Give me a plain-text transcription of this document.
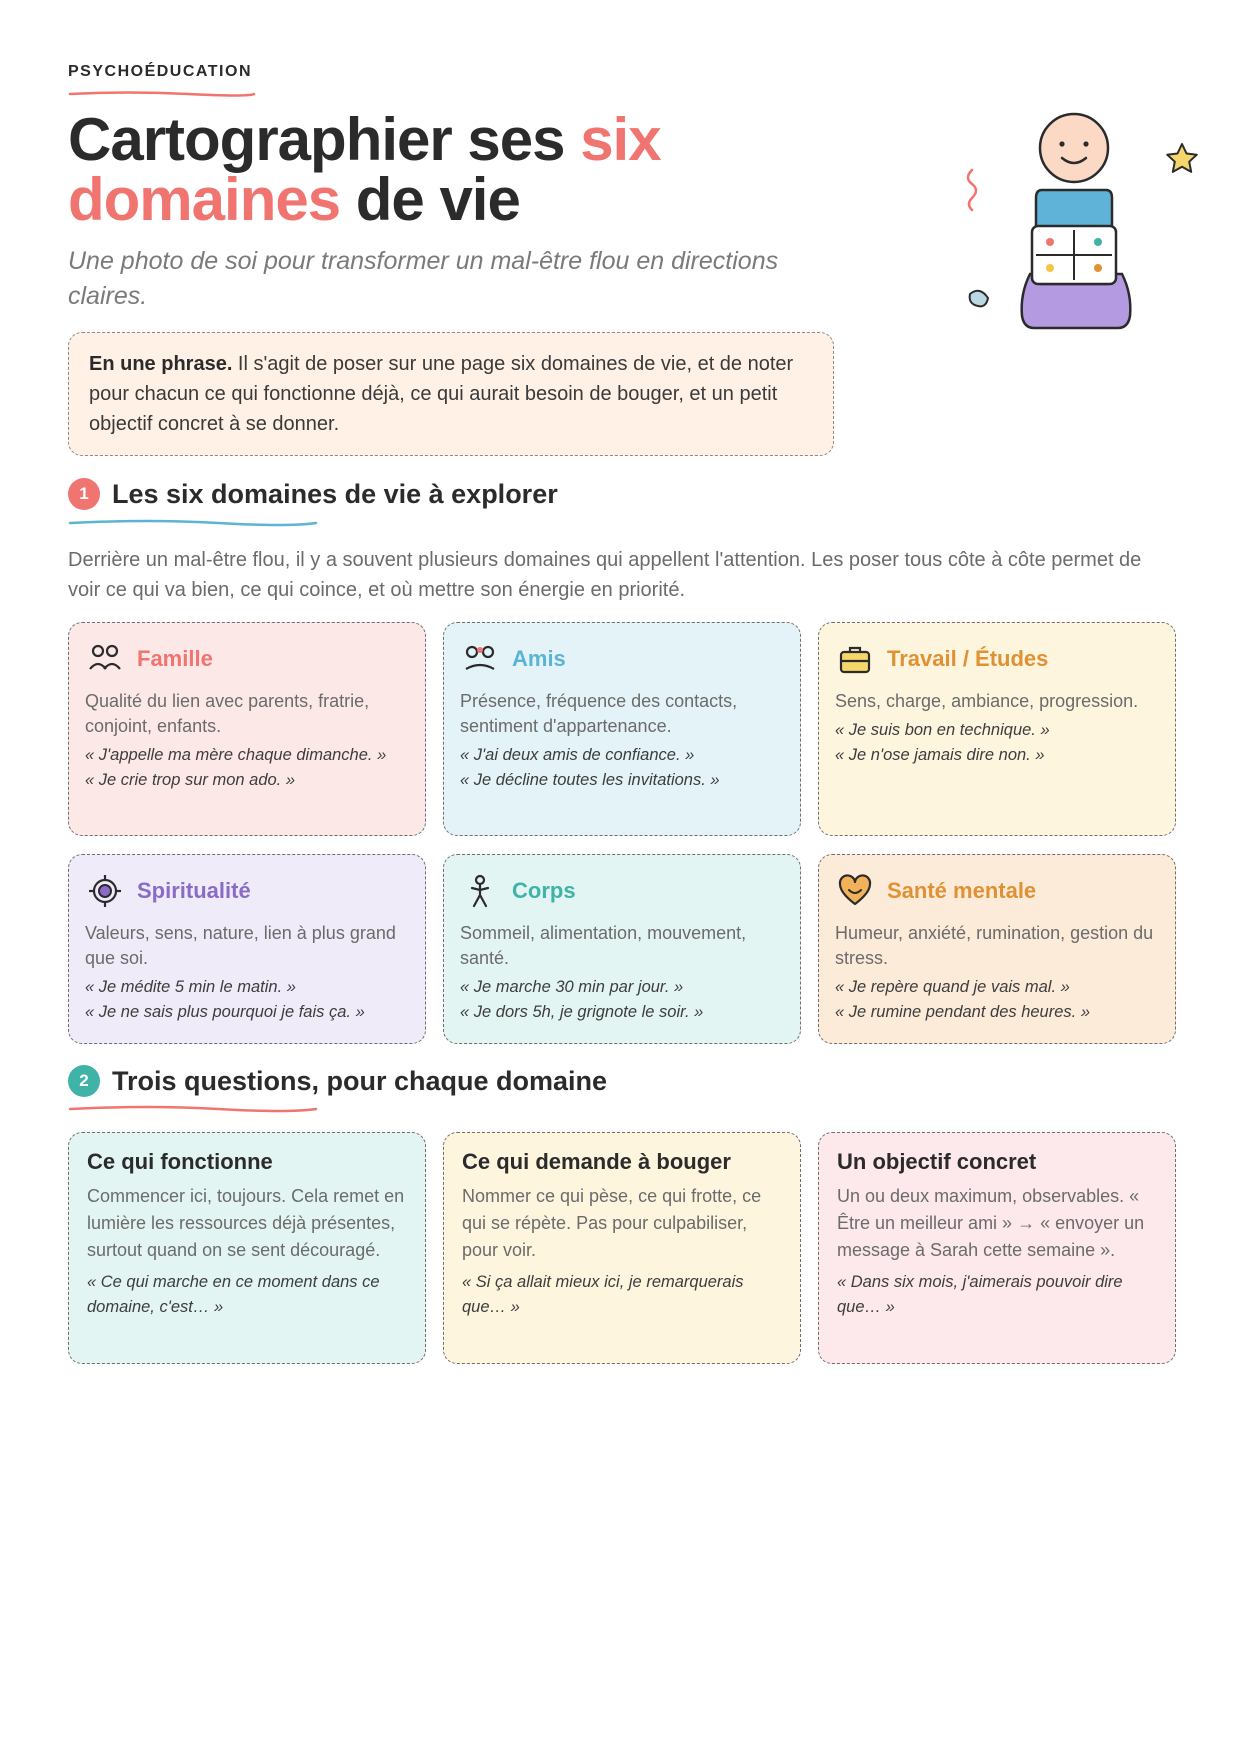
PSYCHOÉDUCATION
Cartographier ses six
domaines de vie
Une photo de soi pour transformer un mal-être flou en directions claires.
En une phrase. Il s'agit de poser sur une page six domaines de vie, et de noter pour chacun ce qui fonctionne déjà, ce qui aurait besoin de bouger, et un petit objectif concret à se donner.
1 Les six domaines de vie à explorer

Derrière un mal-être flou, il y a souvent plusieurs domaines qui appellent l'attention. Les poser tous côte à côte permet de voir ce qui va bien, ce qui coince, et où mettre son énergie en priorité.

Famille
Qualité du lien avec parents, fratrie, conjoint, enfants.
« J'appelle ma mère chaque dimanche. »
« Je crie trop sur mon ado. »
Amis
Présence, fréquence des contacts, sentiment d'appartenance.
« J'ai deux amis de confiance. »
« Je décline toutes les invitations. »
Travail / Études
Sens, charge, ambiance, progression.
« Je suis bon en technique. »
« Je n'ose jamais dire non. »
Spiritualité
Valeurs, sens, nature, lien à plus grand que soi.
« Je médite 5 min le matin. »
« Je ne sais plus pourquoi je fais ça. »
Corps
Sommeil, alimentation, mouvement, santé.
« Je marche 30 min par jour. »
« Je dors 5h, je grignote le soir. »
Santé mentale
Humeur, anxiété, rumination, gestion du stress.
« Je repère quand je vais mal. »
« Je rumine pendant des heures. »
2 Trois questions, pour chaque domaine
Ce qui fonctionne
Commencer ici, toujours. Cela remet en lumière les ressources déjà présentes, surtout quand on se sent découragé.
« Ce qui marche en ce moment dans ce domaine, c'est… »
Ce qui demande à bouger
Nommer ce qui pèse, ce qui frotte, ce qui se répète. Pas pour culpabiliser, pour voir.
« Si ça allait mieux ici, je remarquerais que… »
Un objectif concret
Un ou deux maximum, observables. « Être un meilleur ami » → « envoyer un message à Sarah cette semaine ».
« Dans six mois, j'aimerais pouvoir dire que… »
